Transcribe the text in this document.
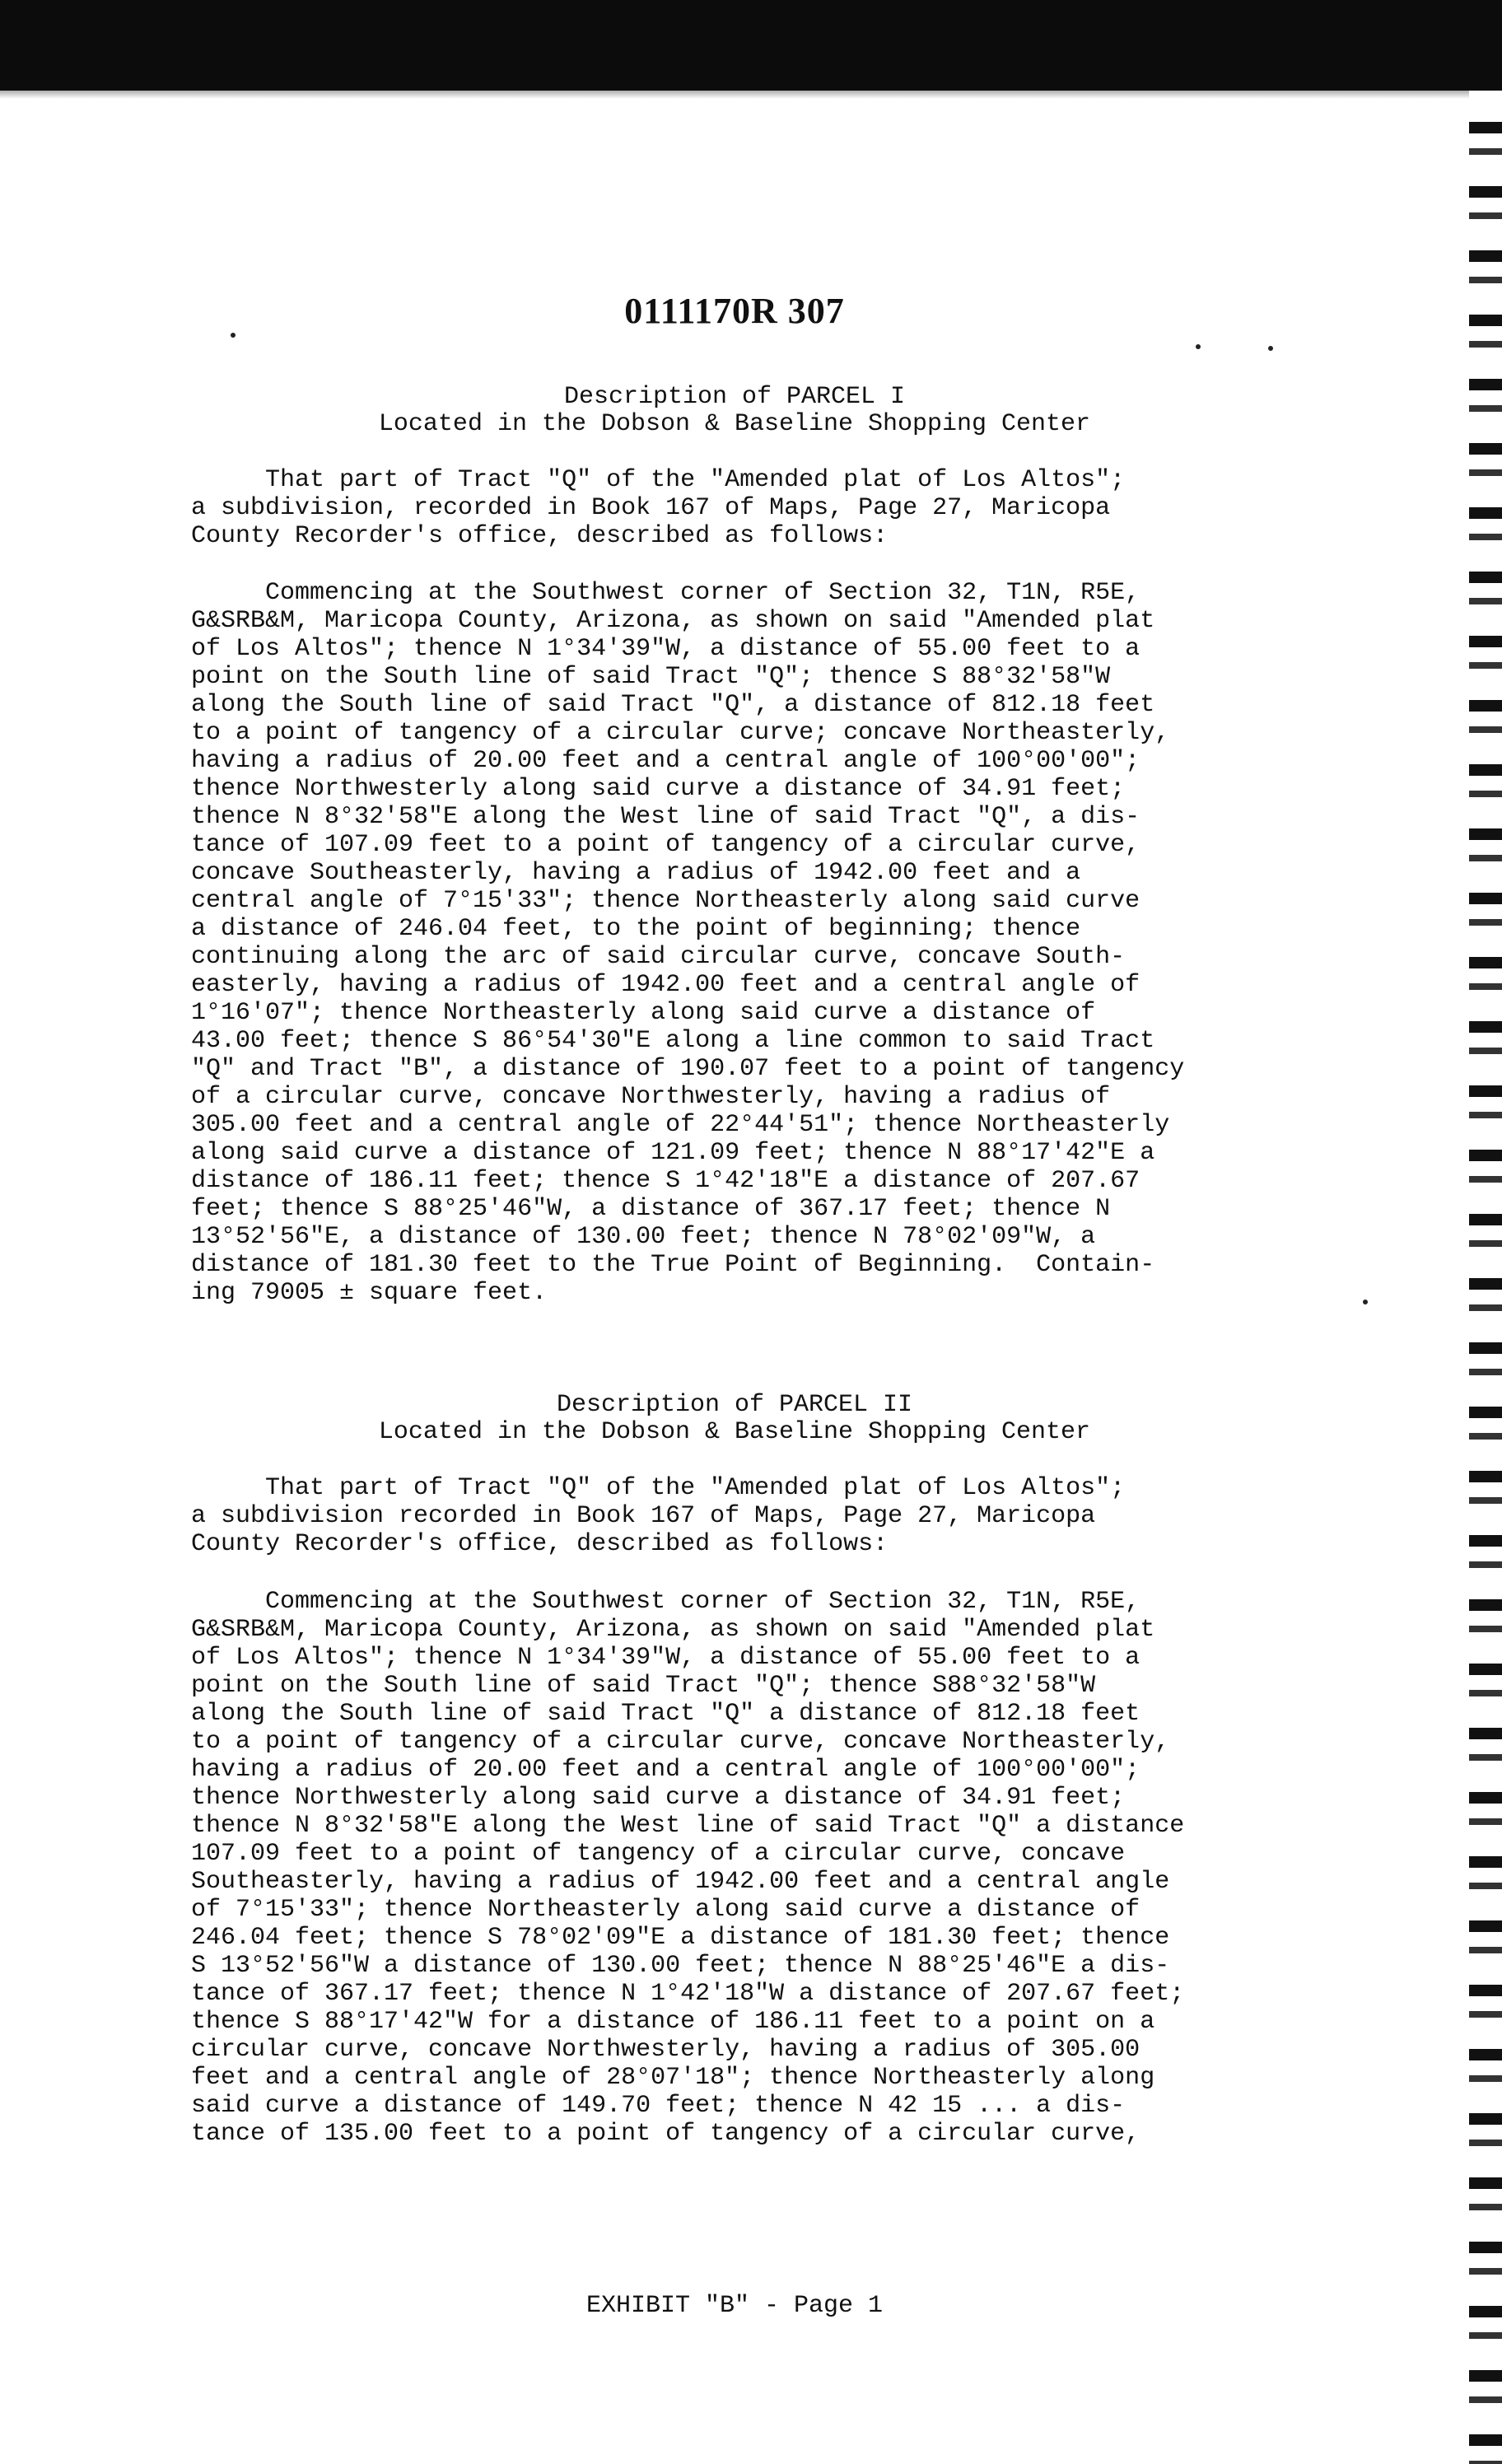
0111170R 307
Description of PARCEL I
Located in the Dobson & Baseline Shopping Center
That part of Tract "Q" of the "Amended plat of Los Altos";
a subdivision, recorded in Book 167 of Maps, Page 27, Maricopa
County Recorder's office, described as follows:
Commencing at the Southwest corner of Section 32, T1N, R5E,
G&SRB&M, Maricopa County, Arizona, as shown on said "Amended plat
of Los Altos"; thence N 1°34'39"W, a distance of 55.00 feet to a
point on the South line of said Tract "Q"; thence S 88°32'58"W
along the South line of said Tract "Q", a distance of 812.18 feet
to a point of tangency of a circular curve; concave Northeasterly,
having a radius of 20.00 feet and a central angle of 100°00'00";
thence Northwesterly along said curve a distance of 34.91 feet;
thence N 8°32'58"E along the West line of said Tract "Q", a dis-
tance of 107.09 feet to a point of tangency of a circular curve,
concave Southeasterly, having a radius of 1942.00 feet and a
central angle of 7°15'33"; thence Northeasterly along said curve
a distance of 246.04 feet, to the point of beginning; thence
continuing along the arc of said circular curve, concave South-
easterly, having a radius of 1942.00 feet and a central angle of
1°16'07"; thence Northeasterly along said curve a distance of
43.00 feet; thence S 86°54'30"E along a line common to said Tract
"Q" and Tract "B", a distance of 190.07 feet to a point of tangency
of a circular curve, concave Northwesterly, having a radius of
305.00 feet and a central angle of 22°44'51"; thence Northeasterly
along said curve a distance of 121.09 feet; thence N 88°17'42"E a
distance of 186.11 feet; thence S 1°42'18"E a distance of 207.67
feet; thence S 88°25'46"W, a distance of 367.17 feet; thence N
13°52'56"E, a distance of 130.00 feet; thence N 78°02'09"W, a
distance of 181.30 feet to the True Point of Beginning.  Contain-
ing 79005 ± square feet.
Description of PARCEL II
Located in the Dobson & Baseline Shopping Center
That part of Tract "Q" of the "Amended plat of Los Altos";
a subdivision recorded in Book 167 of Maps, Page 27, Maricopa
County Recorder's office, described as follows:
Commencing at the Southwest corner of Section 32, T1N, R5E,
G&SRB&M, Maricopa County, Arizona, as shown on said "Amended plat
of Los Altos"; thence N 1°34'39"W, a distance of 55.00 feet to a
point on the South line of said Tract "Q"; thence S88°32'58"W
along the South line of said Tract "Q" a distance of 812.18 feet
to a point of tangency of a circular curve, concave Northeasterly,
having a radius of 20.00 feet and a central angle of 100°00'00";
thence Northwesterly along said curve a distance of 34.91 feet;
thence N 8°32'58"E along the West line of said Tract "Q" a distance
107.09 feet to a point of tangency of a circular curve, concave
Southeasterly, having a radius of 1942.00 feet and a central angle
of 7°15'33"; thence Northeasterly along said curve a distance of
246.04 feet; thence S 78°02'09"E a distance of 181.30 feet; thence
S 13°52'56"W a distance of 130.00 feet; thence N 88°25'46"E a dis-
tance of 367.17 feet; thence N 1°42'18"W a distance of 207.67 feet;
thence S 88°17'42"W for a distance of 186.11 feet to a point on a
circular curve, concave Northwesterly, having a radius of 305.00
feet and a central angle of 28°07'18"; thence Northeasterly along
said curve a distance of 149.70 feet; thence N 42 15 ... a dis-
tance of 135.00 feet to a point of tangency of a circular curve,
EXHIBIT "B" - Page 1
